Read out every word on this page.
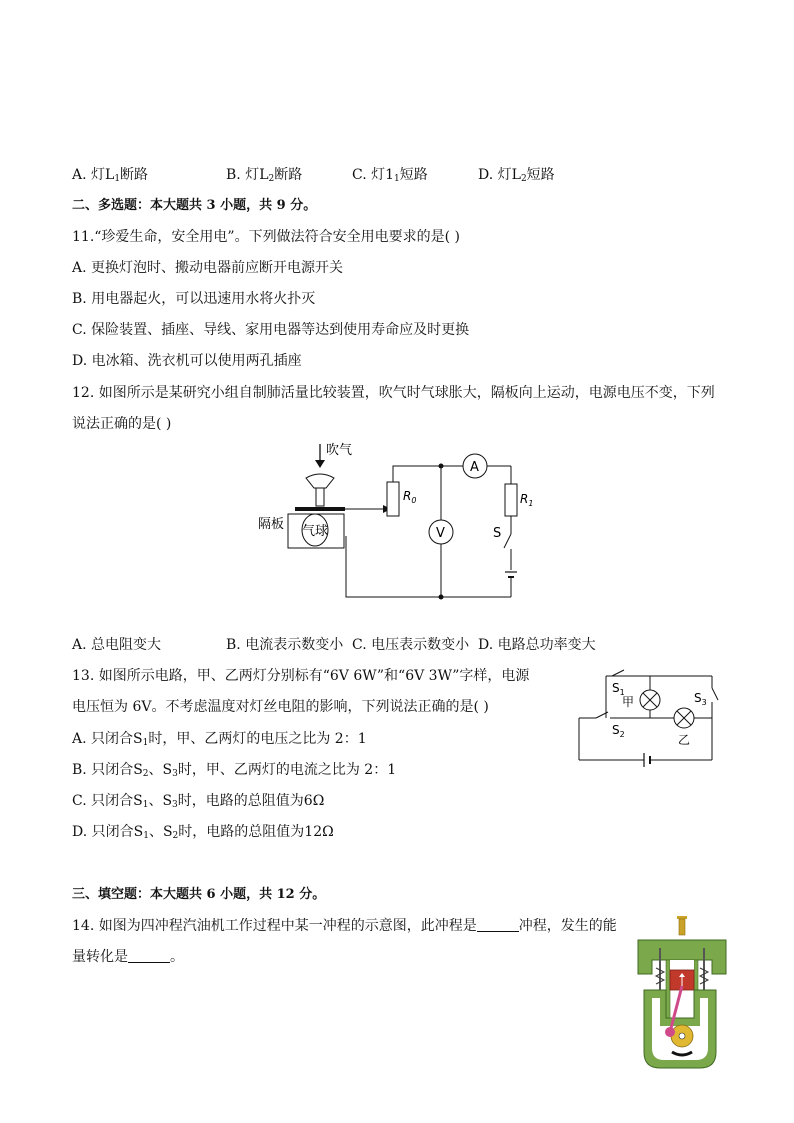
A. 灯$L_1$断路	B. 灯$L_2$断路	C. 灯$1_1$短路	D. 灯$L_2$短路
二、多选题：本大题共 3 小题，共 9 分。
11.“珍爱生命，安全用电”。下列做法符合安全用电要求的是( )
A. 更换灯泡时、搬动电器前应断开电源开关
B. 用电器起火，可以迅速用水将火扑灭
C. 保险装置、插座、导线、家用电器等达到使用寿命应及时更换
D. 电冰箱、洗衣机可以使用两孔插座
12. 如图所示是某研究小组自制肺活量比较装置，吹气时气球胀大，隔板向上运动，电源电压不变，下列
说法正确的是( )
吹气
隔板 气球
$R_0$
A
$R_1$
S
V
A. 总电阻变大	B. 电流表示数变小 C. 电压表示数变小 D. 电路总功率变大
13. 如图所示电路，甲、乙两灯分别标有“6V 6W”和“6V 3W”字样，电源
电压恒为 6V。不考虑温度对灯丝电阻的影响，下列说法正确的是( )
A. 只闭合$S_1$时，甲、乙两灯的电压之比为 2：1
B. 只闭合$S_2$、$S_3$时，甲、乙两灯的电流之比为 2：1
C. 只闭合$S_1$、$S_3$时，电路的总阻值为6Ω
D. 只闭合$S_1$、$S_2$时，电路的总阻值为12Ω
$S_1$
甲
$S_2$	乙
$S_3$
三、填空题：本大题共 6 小题，共 12 分。
14. 如图为四冲程汽油机工作过程中某一冲程的示意图，此冲程是	冲程，发生的能
量转化是	。
